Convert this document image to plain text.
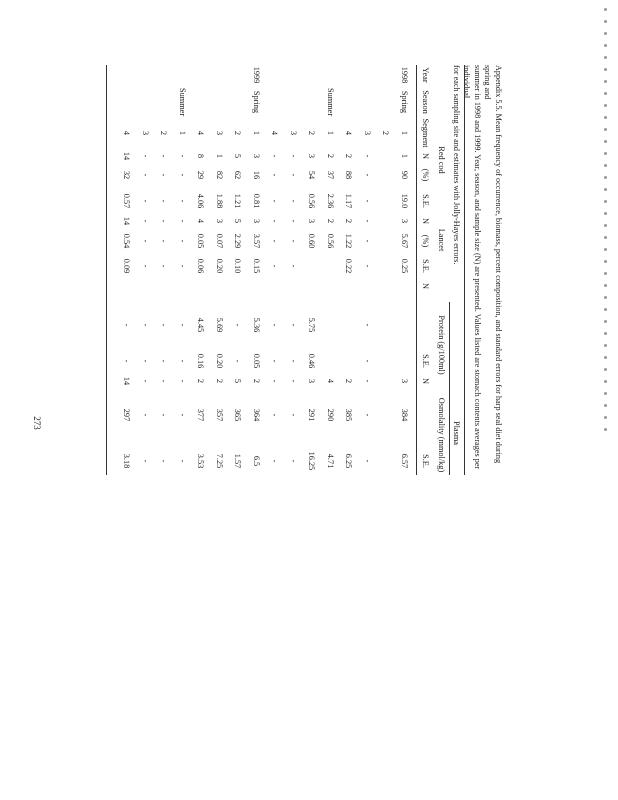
Appendix 5.5. Mean frequency of occurrence, biomass, percent composition, and standard errors for harp seal diet during spring and
summer in 1998 and 1999. Year, season, and sample size (N) are presented. Values listed are stomach contents averages per individual
for each sampling site and estimates with Jolly-Hayes errors.
Plasma
Red cod
Lancet
Protein (g/100ml)
Osmolality (mmol/kg)
Year
Season
Segment
N
(%)
S.E.
N
(%)
S.E.
N
S.E.
N
S.E.
1998
Spring
1
1
90
19.0
3
5.67
0.25
3
384
6.57
2
3
-
-
-
-
-
-
-
-
-
-
-
4
2
88
1.17
2
1.22
0.22
2
385
6.25
Summer
1
2
37
2.36
2
0.56
4
290
4.71
2
3
54
0.56
3
0.60
5.75
0.46
3
291
16.25
3
-
-
-
-
-
-
-
-
-
-
-
4
-
-
-
-
-
-
-
-
-
-
-
1999
Spring
1
3
16
0.81
3
3.57
0.15
5.36
0.05
2
364
6.5
2
5
62
1.21
5
2.29
0.10
-
-
5
365
1.57
3
1
82
1.88
3
0.07
0.20
5.69
0.20
2
357
7.25
4
8
29
4.06
4
0.05
0.06
4.45
0.16
2
377
3.53
Summer
1
-
-
-
-
-
-
-
-
-
-
-
2
-
-
-
-
-
-
-
-
-
-
-
3
-
-
-
-
-
-
-
-
-
-
-
4
14
32
0.57
14
0.54
0.09
-
-
14
297
3.18
273
